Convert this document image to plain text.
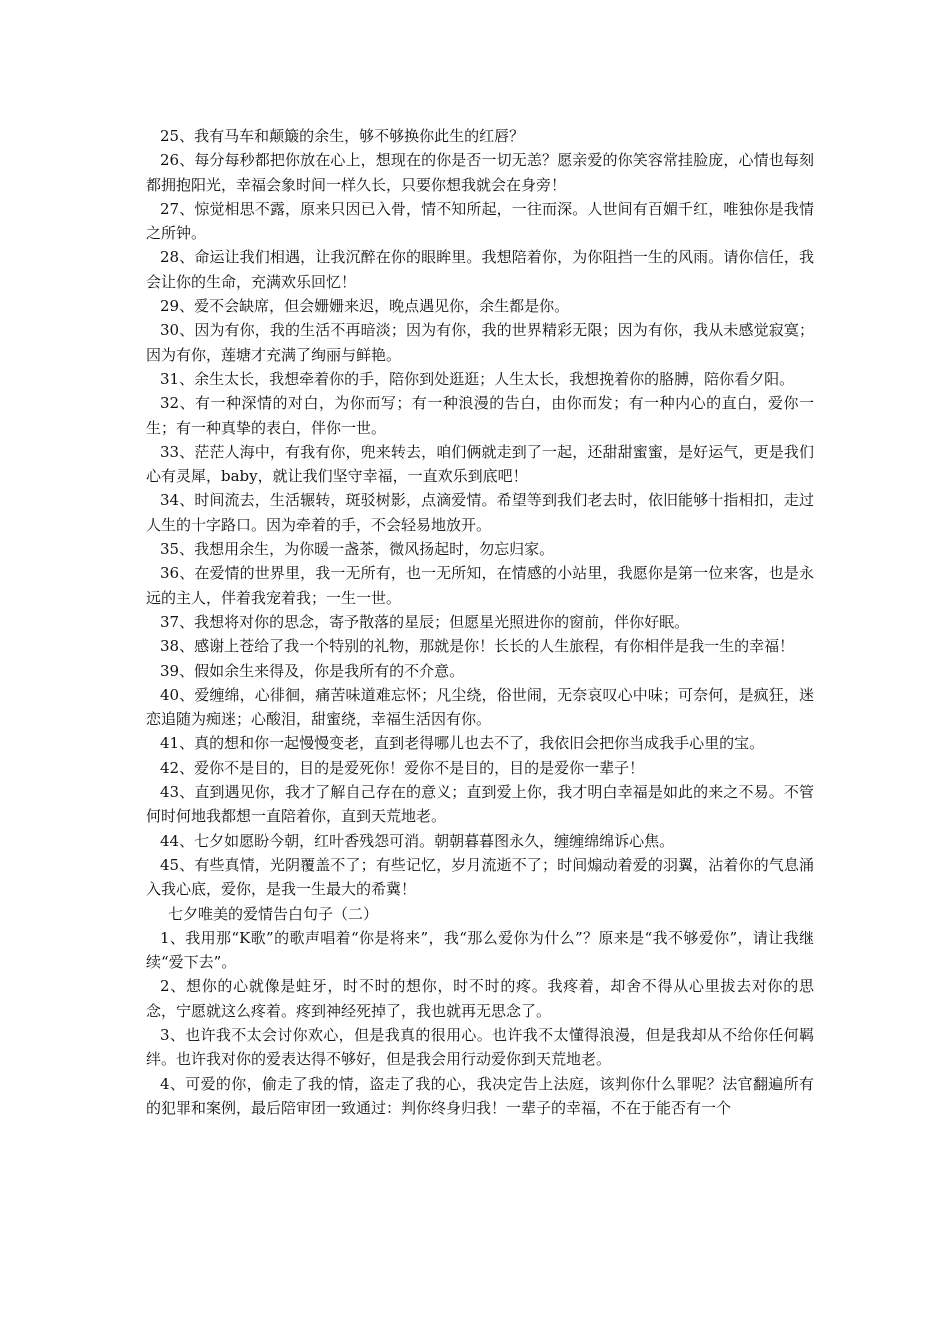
25、我有马车和颠簸的余生，够不够换你此生的红唇？

26、每分每秒都把你放在心上，想现在的你是否一切无恙？愿亲爱的你笑容常挂脸庞，心情也每刻都拥抱阳光，幸福会象时间一样久长，只要你想我就会在身旁！

27、惊觉相思不露，原来只因已入骨，情不知所起，一往而深。人世间有百媚千红，唯独你是我情之所钟。

28、命运让我们相遇，让我沉醉在你的眼眸里。我想陪着你，为你阻挡一生的风雨。请你信任，我会让你的生命，充满欢乐回忆！

29、爱不会缺席，但会姗姗来迟，晚点遇见你，余生都是你。

30、因为有你，我的生活不再暗淡；因为有你，我的世界精彩无限；因为有你，我从未感觉寂寞；因为有你，莲塘才充满了绚丽与鲜艳。

31、余生太长，我想牵着你的手，陪你到处逛逛；人生太长，我想挽着你的胳膊，陪你看夕阳。

32、有一种深情的对白，为你而写；有一种浪漫的告白，由你而发；有一种内心的直白，爱你一生；有一种真挚的表白，伴你一世。

33、茫茫人海中，有我有你，兜来转去，咱们俩就走到了一起，还甜甜蜜蜜，是好运气，更是我们心有灵犀，baby，就让我们坚守幸福，一直欢乐到底吧！

34、时间流去，生活辗转，斑驳树影，点滴爱情。希望等到我们老去时，依旧能够十指相扣，走过人生的十字路口。因为牵着的手，不会轻易地放开。

35、我想用余生，为你暖一盏茶，微风扬起时，勿忘归家。

36、在爱情的世界里，我一无所有，也一无所知，在情感的小站里，我愿你是第一位来客，也是永远的主人，伴着我宠着我；一生一世。

37、我想将对你的思念，寄予散落的星辰；但愿星光照进你的窗前，伴你好眠。

38、感谢上苍给了我一个特别的礼物，那就是你！长长的人生旅程，有你相伴是我一生的幸福！

39、假如余生来得及，你是我所有的不介意。

40、爱缠绵，心徘徊，痛苦味道难忘怀；凡尘绕，俗世闹，无奈哀叹心中味；可奈何，是疯狂，迷恋追随为痴迷；心酸泪，甜蜜绕，幸福生活因有你。

41、真的想和你一起慢慢变老，直到老得哪儿也去不了，我依旧会把你当成我手心里的宝。

42、爱你不是目的，目的是爱死你！爱你不是目的，目的是爱你一辈子！

43、直到遇见你，我才了解自己存在的意义；直到爱上你，我才明白幸福是如此的来之不易。不管何时何地我都想一直陪着你，直到天荒地老。

44、七夕如愿盼今朝，红叶香残怨可消。朝朝暮暮图永久，缠缠绵绵诉心焦。

45、有些真情，光阴覆盖不了；有些记忆，岁月流逝不了；时间煽动着爱的羽翼，沾着你的气息涌入我心底，爱你，是我一生最大的希冀！

七夕唯美的爱情告白句子（二）

1、我用那“K歌”的歌声唱着“你是将来”，我“那么爱你为什么”？原来是“我不够爱你”，请让我继续“爱下去”。

2、想你的心就像是蛀牙，时不时的想你，时不时的疼。我疼着，却舍不得从心里拔去对你的思念，宁愿就这么疼着。疼到神经死掉了，我也就再无思念了。

3、也许我不太会讨你欢心，但是我真的很用心。也许我不太懂得浪漫，但是我却从不给你任何羁绊。也许我对你的爱表达得不够好，但是我会用行动爱你到天荒地老。

4、可爱的你，偷走了我的情，盗走了我的心，我决定告上法庭，该判你什么罪呢？法官翻遍所有的犯罪和案例，最后陪审团一致通过：判你终身归我！一辈子的幸福，不在于能否有一个
